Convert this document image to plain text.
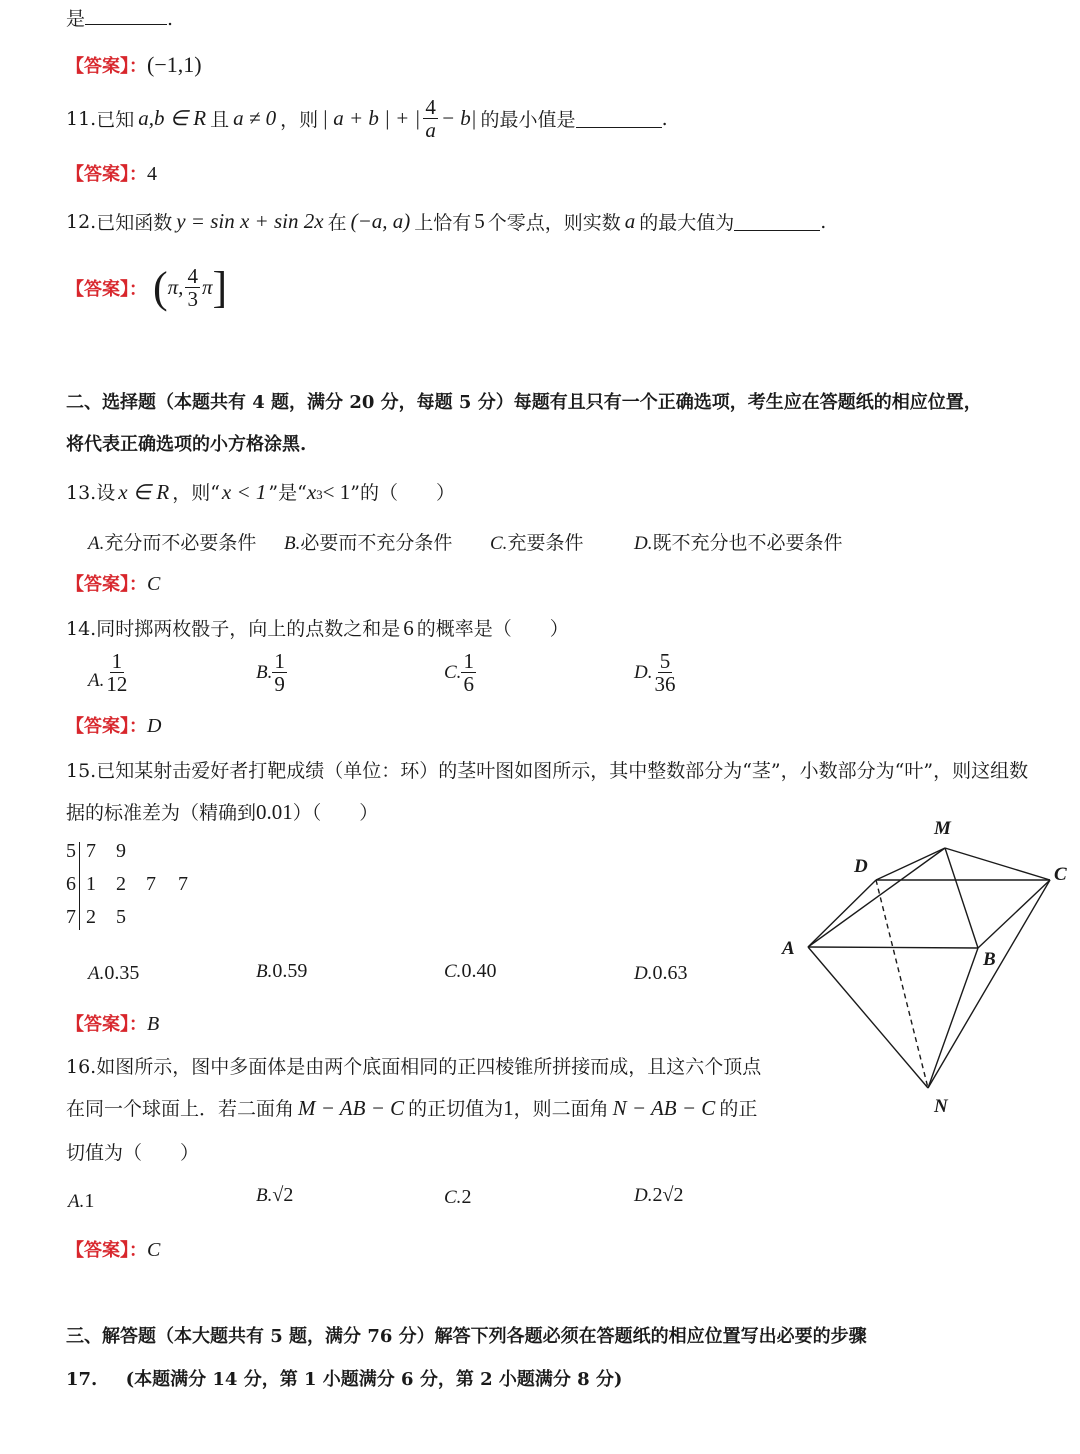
是	.
【答案】：(−1,1)
11. 已知 a,b ∈ R 且 a ≠ 0 ，则 | a + b | + | $\frac{4}{a} - b|$ 的最小值是	.
【答案】：4
12. 已知函数 y = sin x + sin 2x 在 (−a, a) 上恰有 5 个零点，则实数 a 的最大值为	.
【答案】： ( π, $\frac{4}{3}$ π ]
二、选择题（本题共有 4 题，满分 20 分，每题 5 分）每题有且只有一个正确选项，考生应在答题纸的相应位置，
将代表正确选项的小方格涂黑.
13. 设 x ∈ R ，则“ x < 1 ”是“ x 3 < 1 ”的（　　）
A.充分而不必要条件 B.必要而不充分条件 C.充要条件	D.既不充分也不必要条件
【答案】：C
14.同时掷两枚骰子，向上的点数之和是 6 的概率是（　　）
A. $\frac{1}{12}$	B. $\frac{1}{9}$	C. $\frac{1}{6}$	D. $\frac{5}{36}$
【答案】：D
15.已知某射击爱好者打靶成绩（单位：环）的茎叶图如图所示，其中整数部分为“茎”，小数部分为“叶”，则这组数
据的标准差为（精确到0.01）（　　）
5 7 9
6 1 2 7 7
7 2 5
A.0.35	B.0.59	C.0.40	D.0.63
【答案】：B
16.如图所示，图中多面体是由两个底面相同的正四棱锥所拼接而成，且这六个顶点
在同一个球面上．若二面角 M − AB − C 的正切值为1，则二面角 N − AB − C 的正
切值为（　　）
A.1	B.√2	C.2	D.2√2
【答案】：C
M
D	C
A
B
N
三、解答题（本大题共有 5 题，满分 76 分）解答下列各题必须在答题纸的相应位置写出必要的步骤
17. (本题满分 14 分，第 1 小题满分 6 分，第 2 小题满分 8 分)
